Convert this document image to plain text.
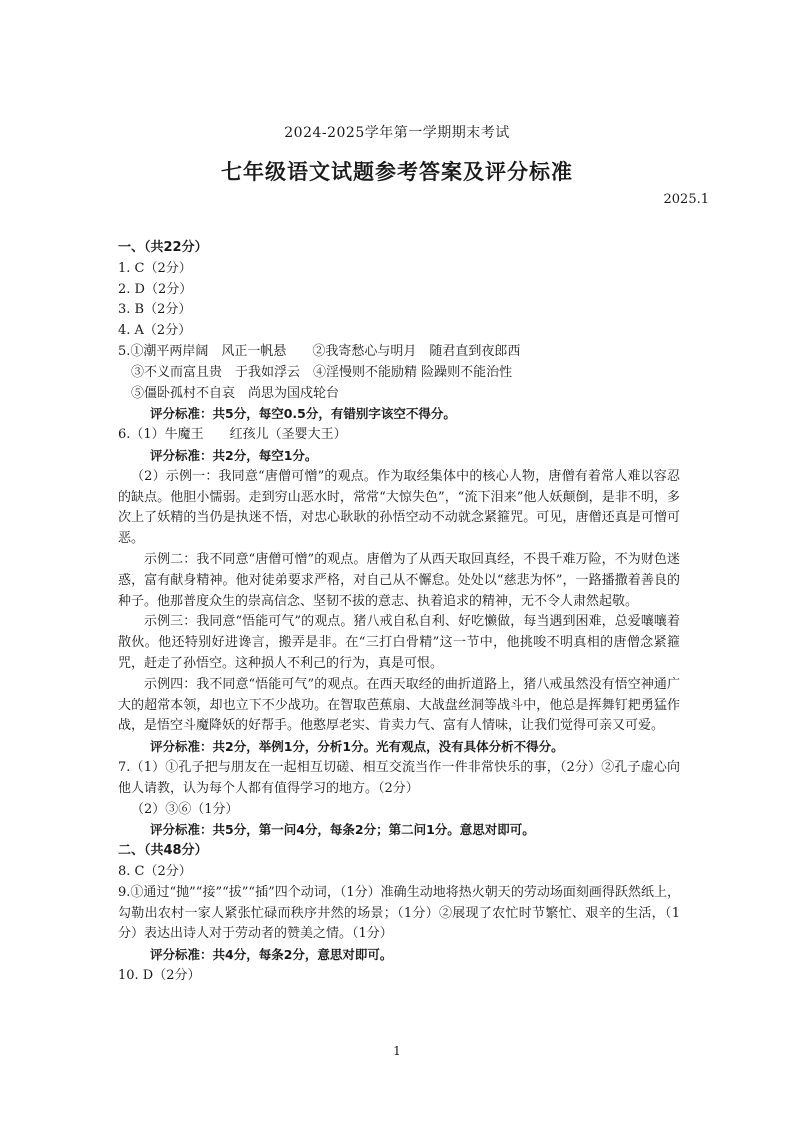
2024-2025学年第一学期期末考试
七年级语文试题参考答案及评分标准
2025.1
一、（共22分）
1. C（2分）
2. D（2分）
3. B（2分）
4. A（2分）
5.①潮平两岸阔　风正一帆悬　　②我寄愁心与明月　随君直到夜郎西
③不义而富且贵　于我如浮云　④淫慢则不能励精 险躁则不能治性
⑤僵卧孤村不自哀　尚思为国戍轮台
评分标准：共5分，每空0.5分，有错别字该空不得分。
6.（1）牛魔王　　红孩儿（圣婴大王）
评分标准：共2分，每空1分。
（2）示例一：我同意“唐僧可憎”的观点。作为取经集体中的核心人物，唐僧有着常人难以容忍的缺点。他胆小懦弱。走到穷山恶水时，常常“大惊失色”，“流下泪来”他人妖颠倒，是非不明，多次上了妖精的当仍是执迷不悟，对忠心耿耿的孙悟空动不动就念紧箍咒。可见，唐僧还真是可憎可恶。
示例二：我不同意“唐僧可憎”的观点。唐僧为了从西天取回真经，不畏千难万险，不为财色迷惑，富有献身精神。他对徒弟要求严格，对自己从不懈怠。处处以“慈悲为怀”，一路播撒着善良的种子。他那普度众生的崇高信念、坚韧不拔的意志、执着追求的精神，无不令人肃然起敬。
示例三：我同意“悟能可气”的观点。猪八戒自私自利、好吃懒做，每当遇到困难，总爱嚷嚷着散伙。他还特别好进谗言，搬弄是非。在“三打白骨精”这一节中，他挑唆不明真相的唐僧念紧箍咒，赶走了孙悟空。这种损人不利己的行为，真是可恨。
示例四：我不同意“悟能可气”的观点。在西天取经的曲折道路上，猪八戒虽然没有悟空神通广大的超常本领，却也立下不少战功。在智取芭蕉扇、大战盘丝洞等战斗中，他总是挥舞钉耙勇猛作战，是悟空斗魔降妖的好帮手。他憨厚老实、肯卖力气、富有人情味，让我们觉得可亲又可爱。
评分标准：共2分，举例1分，分析1分。光有观点，没有具体分析不得分。
7.（1）①孔子把与朋友在一起相互切磋、相互交流当作一件非常快乐的事，（2分）②孔子虚心向他人请教，认为每个人都有值得学习的地方。（2分）
（2）③⑥（1分）
评分标准：共5分，第一问4分，每条2分；第二问1分。意思对即可。
二、（共48分）
8. C（2分）
9.①通过“抛”“接”“拔”“插”四个动词，（1分）准确生动地将热火朝天的劳动场面刻画得跃然纸上，勾勒出农村一家人紧张忙碌而秩序井然的场景；（1分）②展现了农忙时节繁忙、艰辛的生活，（1分）表达出诗人对于劳动者的赞美之情。（1分）
评分标准：共4分，每条2分，意思对即可。
10. D（2分）
1
